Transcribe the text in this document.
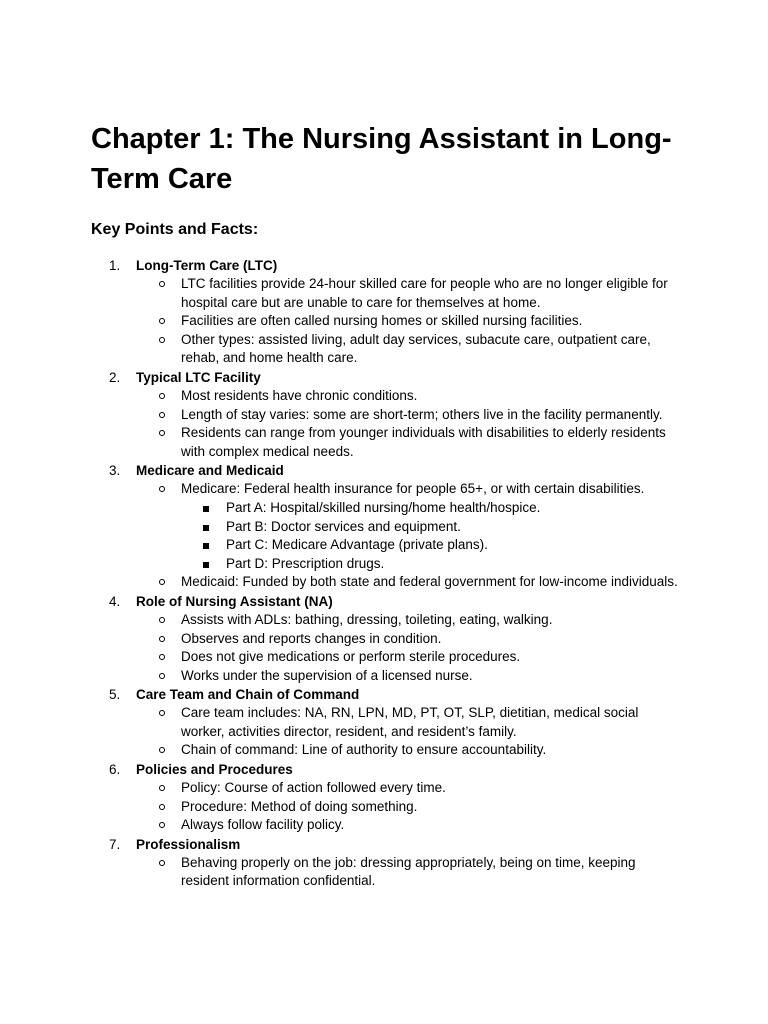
Chapter 1: The Nursing Assistant in Long-Term Care
Key Points and Facts:
1.	Long-Term Care (LTC)
LTC facilities provide 24-hour skilled care for people who are no longer eligible for hospital care but are unable to care for themselves at home.
Facilities are often called nursing homes or skilled nursing facilities.
Other types: assisted living, adult day services, subacute care, outpatient care, rehab, and home health care.
2.	Typical LTC Facility
Most residents have chronic conditions.
Length of stay varies: some are short-term; others live in the facility permanently.
Residents can range from younger individuals with disabilities to elderly residents with complex medical needs.
3.	Medicare and Medicaid
Medicare: Federal health insurance for people 65+, or with certain disabilities.
Part A: Hospital/skilled nursing/home health/hospice.
Part B: Doctor services and equipment.
Part C: Medicare Advantage (private plans).
Part D: Prescription drugs.
Medicaid: Funded by both state and federal government for low-income individuals.
4.	Role of Nursing Assistant (NA)
Assists with ADLs: bathing, dressing, toileting, eating, walking.
Observes and reports changes in condition.
Does not give medications or perform sterile procedures.
Works under the supervision of a licensed nurse.
5.	Care Team and Chain of Command
Care team includes: NA, RN, LPN, MD, PT, OT, SLP, dietitian, medical social worker, activities director, resident, and resident’s family.
Chain of command: Line of authority to ensure accountability.
6.	Policies and Procedures
Policy: Course of action followed every time.
Procedure: Method of doing something.
Always follow facility policy.
7.	Professionalism
Behaving properly on the job: dressing appropriately, being on time, keeping resident information confidential.
